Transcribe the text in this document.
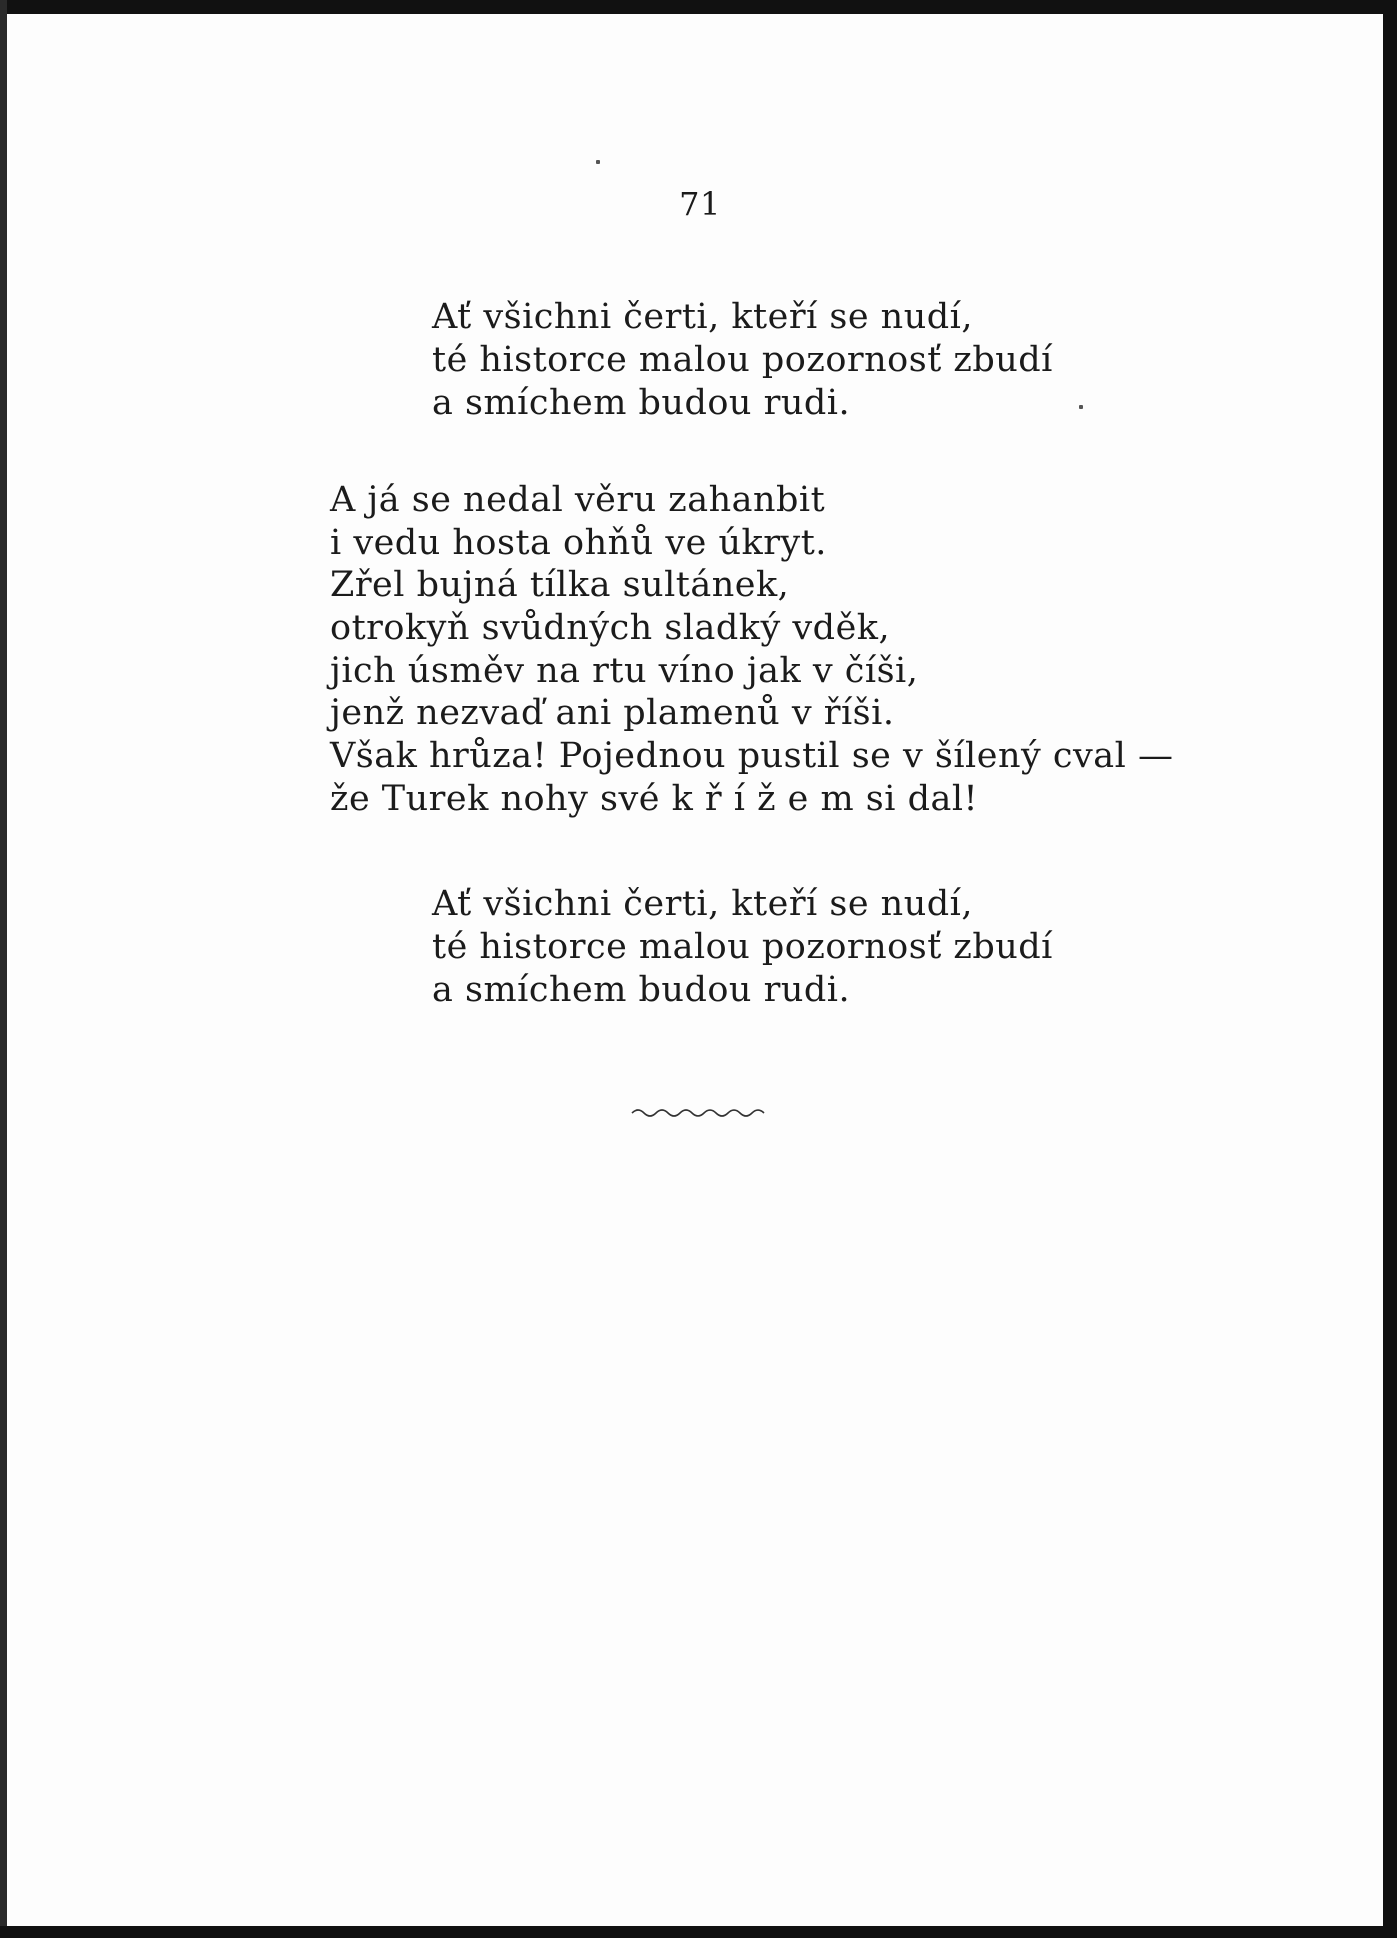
71
Ať všichni čerti, kteří se nudí,
té historce malou pozornosť zbudí
a smíchem budou rudi.
A já se nedal věru zahanbit
i vedu hosta ohňů ve úkryt.
Zřel bujná tílka sultánek,
otrokyň svůdných sladký vděk,
jich úsměv na rtu víno jak v číši,
jenž nezvaď ani plamenů v říši.
Však hrůza! Pojednou pustil se v šílený cval —
že Turek nohy své k ř í ž e m si dal!
Ať všichni čerti, kteří se nudí,
té historce malou pozornosť zbudí
a smíchem budou rudi.
